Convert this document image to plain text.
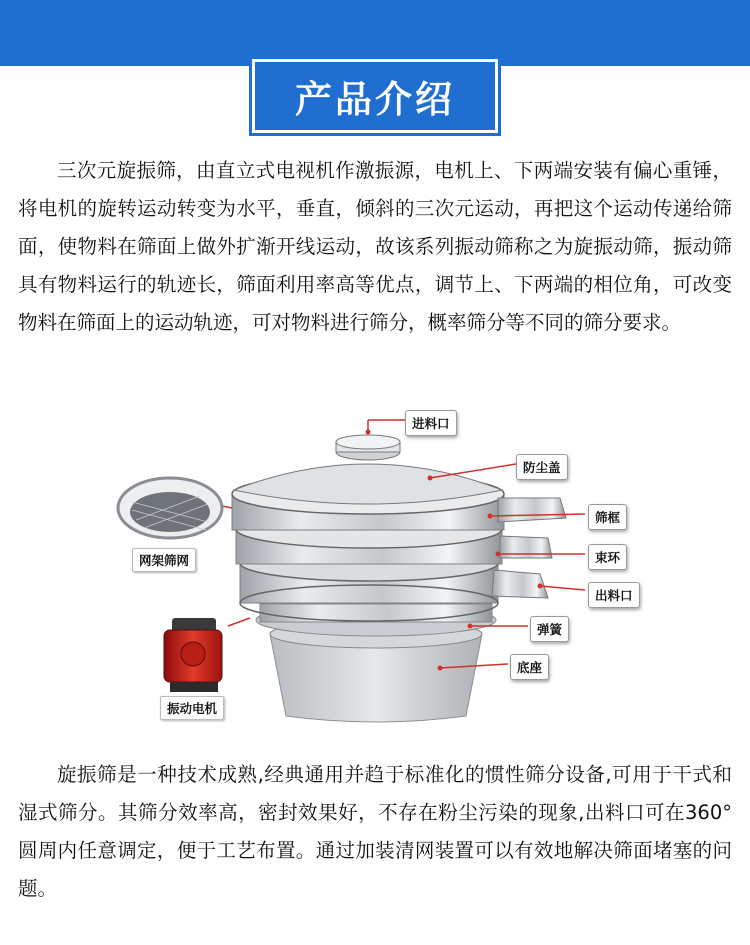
产品介绍

三次元旋振筛，由直立式电视机作激振源，电机上、下两端安装有偏心重锤，将电机的旋转运动转变为水平，垂直，倾斜的三次元运动，再把这个运动传递给筛面，使物料在筛面上做外扩渐开线运动，故该系列振动筛称之为旋振动筛，振动筛具有物料运行的轨迹长，筛面利用率高等优点，调节上、下两端的相位角，可改变物料在筛面上的运动轨迹，可对物料进行筛分，概率筛分等不同的筛分要求。

进料口
防尘盖
筛框
束环
出料口
弹簧
底座
网架筛网
振动电机

旋振筛是一种技术成熟,经典通用并趋于标准化的惯性筛分设备,可用于干式和湿式筛分。其筛分效率高，密封效果好，不存在粉尘污染的现象,出料口可在360° 圆周内任意调定，便于工艺布置。通过加装清网装置可以有效地解决筛面堵塞的问题。
